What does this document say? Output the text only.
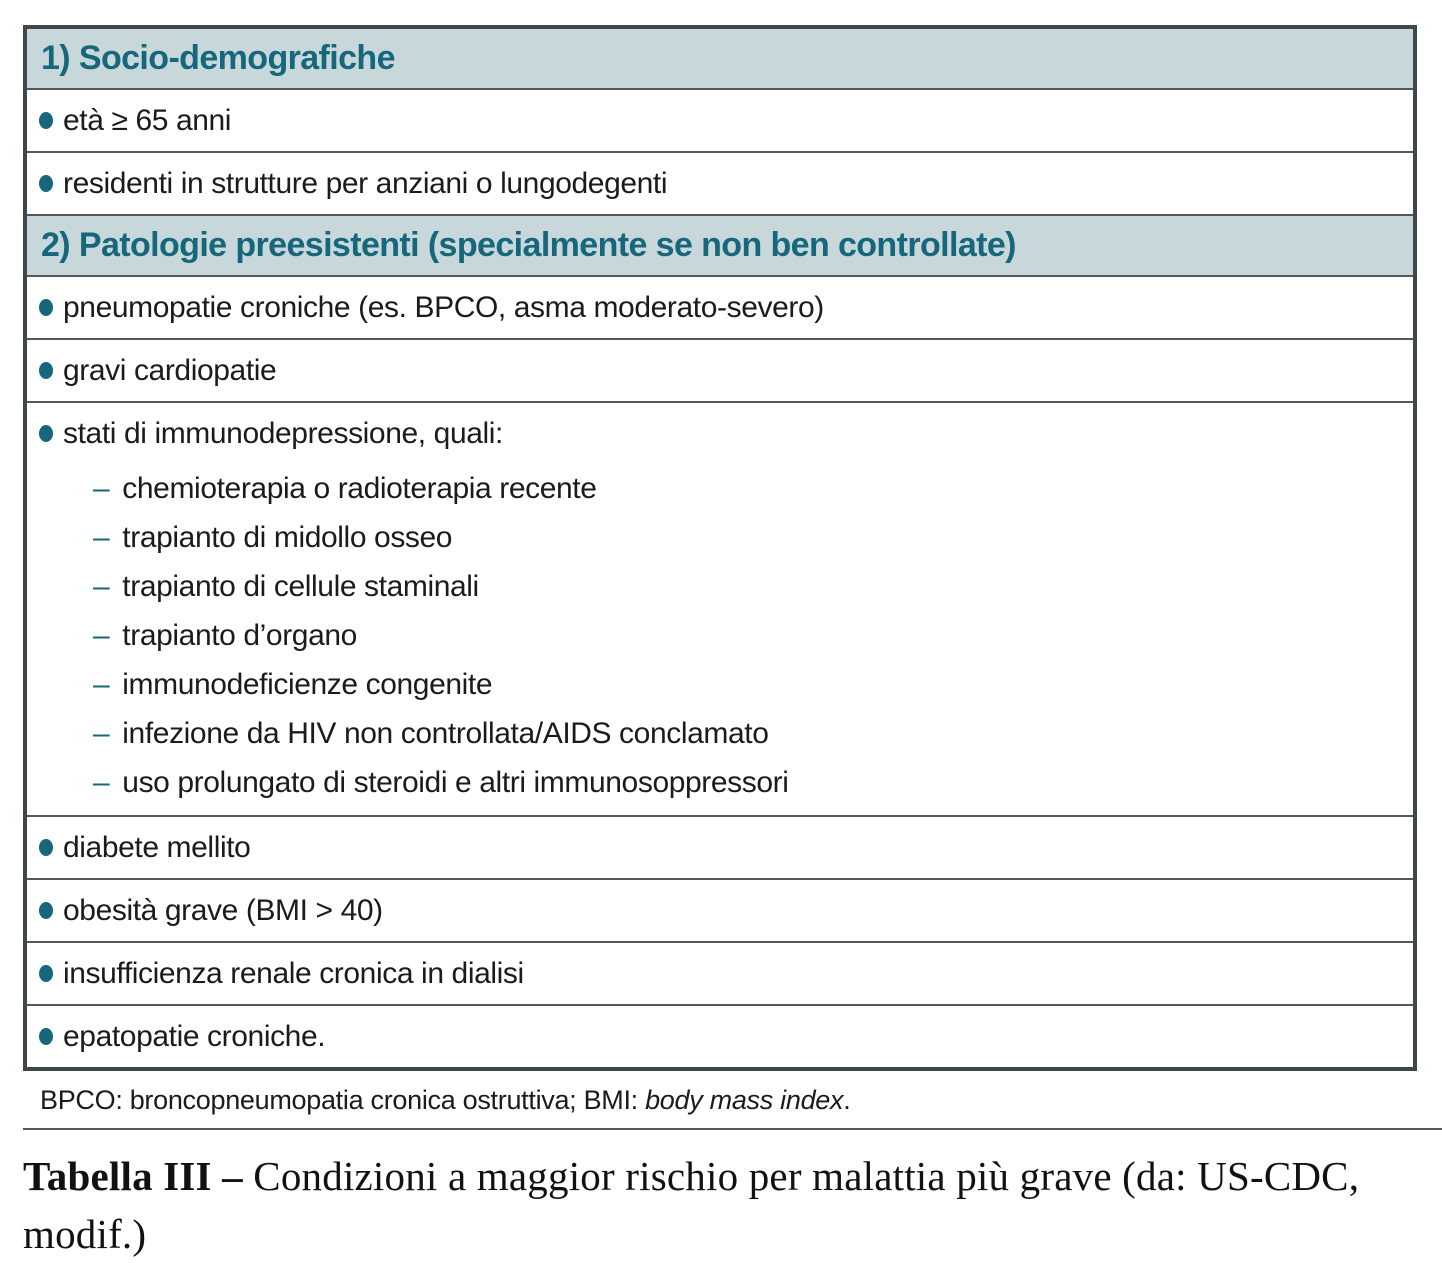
1) Socio-demografiche
età ≥ 65 anni
residenti in strutture per anziani o lungodegenti
2) Patologie preesistenti (specialmente se non ben controllate)
pneumopatie croniche (es. BPCO, asma moderato-severo)
gravi cardiopatie
stati di immunodepressione, quali:
– chemioterapia o radioterapia recente
– trapianto di midollo osseo
– trapianto di cellule staminali
– trapianto d’organo
– immunodeficienze congenite
– infezione da HIV non controllata/AIDS conclamato
– uso prolungato di steroidi e altri immunosoppressori
diabete mellito
obesità grave (BMI > 40)
insufficienza renale cronica in dialisi
epatopatie croniche.
BPCO: broncopneumopatia cronica ostruttiva; BMI: body mass index.
Tabella III – Condizioni a maggior rischio per malattia più grave (da: US-CDC, modif.)
